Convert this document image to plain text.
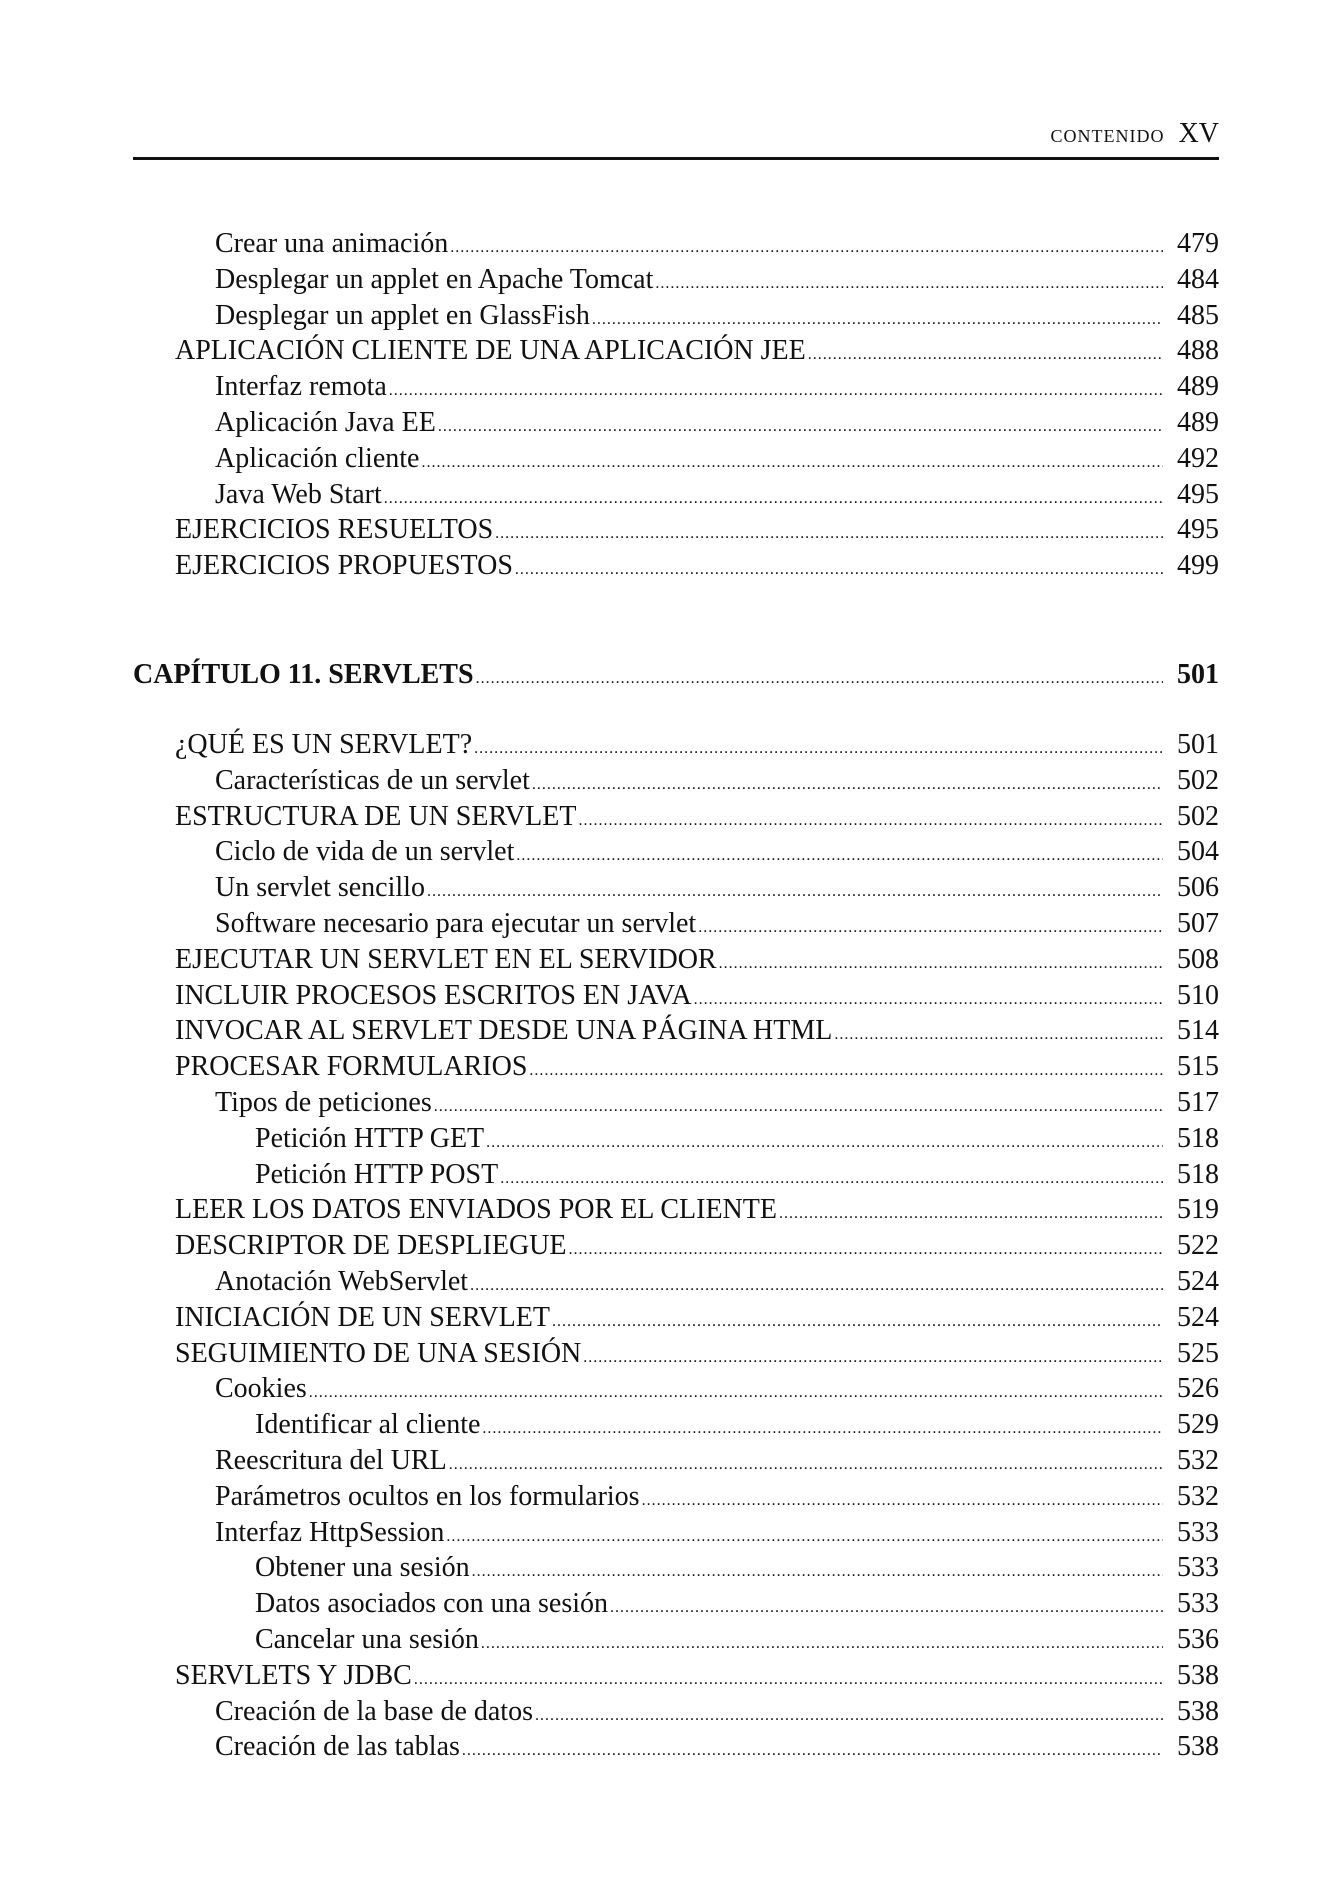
CONTENIDO XV
Crear una animación .....	479
Desplegar un applet en Apache Tomcat .....	484
Desplegar un applet en GlassFish .....	485
APLICACIÓN CLIENTE DE UNA APLICACIÓN JEE .....	488
Interfaz remota .....	489
Aplicación Java EE .....	489
Aplicación cliente .....	492
Java Web Start .....	495
EJERCICIOS RESUELTOS .....	495
EJERCICIOS PROPUESTOS .....	499
CAPÍTULO 11. SERVLETS .....	501
¿QUÉ ES UN SERVLET? .....	501
Características de un servlet .....	502
ESTRUCTURA DE UN SERVLET .....	502
Ciclo de vida de un servlet .....	504
Un servlet sencillo .....	506
Software necesario para ejecutar un servlet .....	507
EJECUTAR UN SERVLET EN EL SERVIDOR .....	508
INCLUIR PROCESOS ESCRITOS EN JAVA .....	510
INVOCAR AL SERVLET DESDE UNA PÁGINA HTML .....	514
PROCESAR FORMULARIOS .....	515
Tipos de peticiones .....	517
Petición HTTP GET .....	518
Petición HTTP POST .....	518
LEER LOS DATOS ENVIADOS POR EL CLIENTE .....	519
DESCRIPTOR DE DESPLIEGUE .....	522
Anotación WebServlet .....	524
INICIACIÓN DE UN SERVLET .....	524
SEGUIMIENTO DE UNA SESIÓN .....	525
Cookies .....	526
Identificar al cliente .....	529
Reescritura del URL .....	532
Parámetros ocultos en los formularios .....	532
Interfaz HttpSession .....	533
Obtener una sesión .....	533
Datos asociados con una sesión .....	533
Cancelar una sesión .....	536
SERVLETS Y JDBC .....	538
Creación de la base de datos .....	538
Creación de las tablas .....	538
